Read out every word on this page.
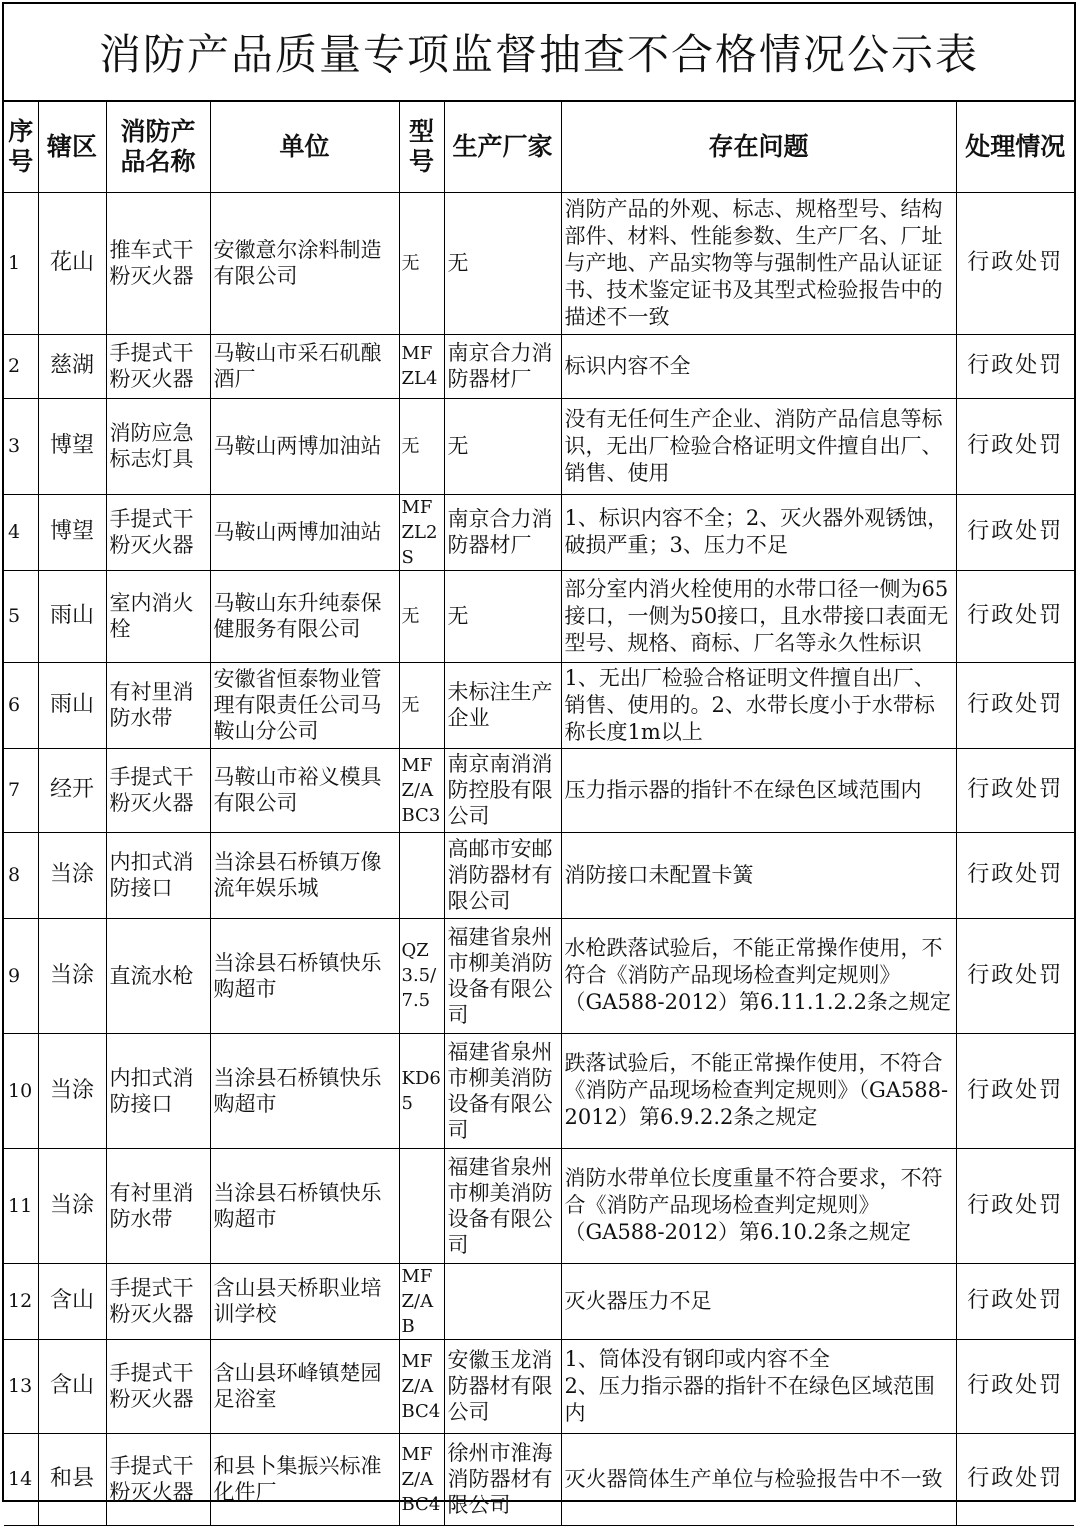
消防产品质量专项监督抽查不合格情况公示表
序号	辖区	消防产品名称	单位	型号	生产厂家	存在问题	处理情况
1	花山	推车式干粉灭火器	安徽意尔涂料制造有限公司	无	无	消防产品的外观、标志、规格型号、结构部件、材料、性能参数、生产厂名、厂址与产地、产品实物等与强制性产品认证证书、技术鉴定证书及其型式检验报告中的描述不一致	行政处罚
2	慈湖	手提式干粉灭火器	马鞍山市采石矶酿酒厂	MFZL4	南京合力消防器材厂	标识内容不全	行政处罚
3	博望	消防应急标志灯具	马鞍山两博加油站	无	无	没有无任何生产企业、消防产品信息等标识，无出厂检验合格证明文件擅自出厂、销售、使用	行政处罚
4	博望	手提式干粉灭火器	马鞍山两博加油站	MFZL2S	南京合力消防器材厂	1、标识内容不全；2、灭火器外观锈蚀，破损严重；3、压力不足	行政处罚
5	雨山	室内消火栓	马鞍山东升纯泰保健服务有限公司	无	无	部分室内消火栓使用的水带口径一侧为65接口，一侧为50接口，且水带接口表面无型号、规格、商标、厂名等永久性标识	行政处罚
6	雨山	有衬里消防水带	安徽省恒泰物业管理有限责任公司马鞍山分公司	无	未标注生产企业	1、无出厂检验合格证明文件擅自出厂、销售、使用的。2、水带长度小于水带标称长度1m以上	行政处罚
7	经开	手提式干粉灭火器	马鞍山市裕义模具有限公司	MFZ/ABC3	南京南消消防控股有限公司	压力指示器的指针不在绿色区域范围内	行政处罚
8	当涂	内扣式消防接口	当涂县石桥镇万像流年娱乐城		高邮市安邮消防器材有限公司	消防接口未配置卡簧	行政处罚
9	当涂	直流水枪	当涂县石桥镇快乐购超市	QZ3.5/7.5	福建省泉州市柳美消防设备有限公司	水枪跌落试验后，不能正常操作使用，不符合《消防产品现场检查判定规则》（GA588-2012）第6.11.1.2.2条之规定	行政处罚
10	当涂	内扣式消防接口	当涂县石桥镇快乐购超市	KD65	福建省泉州市柳美消防设备有限公司	跌落试验后，不能正常操作使用，不符合《消防产品现场检查判定规则》（GA588-2012）第6.9.2.2条之规定	行政处罚
11	当涂	有衬里消防水带	当涂县石桥镇快乐购超市		福建省泉州市柳美消防设备有限公司	消防水带单位长度重量不符合要求，不符合《消防产品现场检查判定规则》（GA588-2012）第6.10.2条之规定	行政处罚
12	含山	手提式干粉灭火器	含山县天桥职业培训学校	MFZ/AB		灭火器压力不足	行政处罚
13	含山	手提式干粉灭火器	含山县环峰镇楚园足浴室	MFZ/ABC4	安徽玉龙消防器材有限公司	1、筒体没有钢印或内容不全
2、压力指示器的指针不在绿色区域范围内	行政处罚
14	和县	手提式干粉灭火器	和县卜集振兴标准化件厂	MFZ/ABC4	徐州市淮海消防器材有限公司	灭火器筒体生产单位与检验报告中不一致	行政处罚
